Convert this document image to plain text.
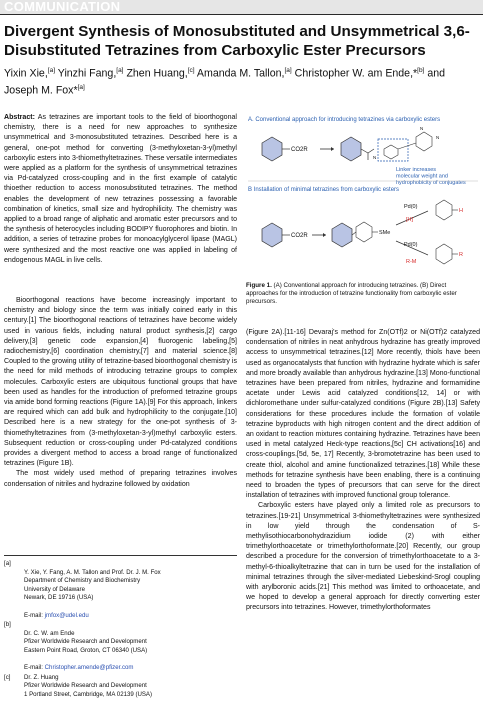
COMMUNICATION
Divergent Synthesis of Monosubstituted and Unsymmetrical 3,6-Disubstituted Tetrazines from Carboxylic Ester Precursors
Yixin Xie,[a] Yinzhi Fang,[a] Zhen Huang,[c] Amanda M. Tallon,[a] Christopher W. am Ende,*[b] and Joseph M. Fox*[a]
Abstract: As tetrazines are important tools to the field of bioorthogonal chemistry, there is a need for new approaches to synthesize unsymmetrical and 3-monosubstituted tetrazines. Described here is a general, one-pot method for converting (3-methyloxetan-3-yl)methyl carboxylic esters into 3-thiomethyltetrazines. These versatile intermediates were applied as a platform for the synthesis of unsymmetrical tetrazines via Pd-catalyzed cross-coupling and in the first example of catalytic thioether reduction to access monosubstituted tetrazines. The method enables the development of new tetrazines possessing a favorable combination of kinetics, small size and hydrophilicity. The chemistry was applied to a broad range of aliphatic and aromatic ester precursors and to the synthesis of heterocycles including BODIPY fluorophores and biotin. In addition, a series of tetrazine probes for monoacylglycerol lipase (MAGL) were synthesized and the most reactive one was applied in labeling of endogenous MAGL in live cells.

Bioorthogonal reactions have become increasingly important to chemistry and biology since the term was initially coined early in this century.[1] The bioorthogonal reactions of tetrazines have become widely used in various fields, including natural product synthesis,[2] cargo delivery,[3] genetic code expansion,[4] fluorogenic labeling,[5] radiochemistry,[6] coordination chemistry,[7] and material science.[8] Coupled to the growing utility of tetrazine-based bioorthogonal chemistry is the need for mild methods of introducing tetrazine groups to complex molecules. Carboxylic esters are ubiquitous functional groups that have been used as handles for the introduction of preformed tetrazine groups via amide bond forming reactions (Figure 1A).[9] For this approach, linkers are required which can add bulk and hydrophilicity to the conjugate.[10] Described here is a new strategy for the one-pot synthesis of 3-thiomethyltetrazines from (3-methyloxetan-3-yl)methyl carboxylic esters. Subsequent reduction or cross-coupling under Pd-catalyzed conditions provides a divergent method to access a broad range of functionalized tetrazines (Figure 1B).

The most widely used method of preparing tetrazines involves condensation of nitriles and hydrazine followed by oxidation

[a]

Y. Xie, Y. Fang, A. M. Tallon and Prof. Dr. J. M. Fox
Department of Chemistry and Biochemistry
University of Delaware
Newark, DE 19716 (USA)

E-mail: jmfox@udel.edu

[b]

Dr. C. W. am Ende
Pfizer Worldwide Research and Development
Eastern Point Road, Groton, CT 06340 (USA)

E-mail: Christopher.amende@pfizer.com

[c]	Dr. Z. Huang
Pfizer Worldwide Research and Development
1 Portland Street, Cambridge, MA 02139 (USA)
A. Conventional approach for introducing tetrazines via carboxylic esters
CO2R
N
N
N
Linker increases molecular weight and hydrophobicity of conjugates
B Installation of minimal tetrazines from carboxylic esters
CO2R	SMe
Pd(0)
[H]
Pd(0)
R-M
H
R
Figure 1. (A) Conventional approach for introducing tetrazines. (B) Direct approaches for the introduction of tetrazine functionality from carboxylic ester precursors.

(Figure 2A).[11-16] Devaraj's method for Zn(OTf)2 or Ni(OTf)2 catalyzed condensation of nitriles in neat anhydrous hydrazine has greatly improved access to unsymmetrical tetrazines.[12] More recently, thiols have been used as organocatalysts that function with hydrazine hydrate which is safer and more broadly available than anhydrous hydrazine.[13] Mono-functional tetrazines have been prepared from nitriles, hydrazine and formamidine acetate under Lewis acid catalyzed conditions[12, 14] or with dichloromethane under sulfur-catalyzed conditions (Figure 2B).[13] Safety considerations for these procedures include the formation of volatile tetrazine byproducts with high nitrogen content and the direct addition of an oxidant to reaction mixtures containing hydrazine. Tetrazines have been used in metal catalyzed Heck-type reactions,[5c] CH activations[16] and cross-couplings.[5d, 5e, 17] Recently, 3-bromotetrazine has been used to create thiol, alcohol and amine functionalized tetrazines.[18] While these methods for tetrazine synthesis have been enabling, there is a continuing need to broaden the types of precursors that can serve for the direct installation of tetrazines with improved functional group tolerance.

Carboxylic esters have played only a limited role as precursors to tetrazines.[19-21] Unsymmetrical 3-thiomethyltetrazines were synthesized in low yield through the condensation of S-methylisothiocarbonohydrazidium iodide (2) with either trimethylorthoacetate or trimethylorthoformate.[20] Recently, our group described a procedure for the conversion of trimethylorthoacetate to a 3-methyl-6-thioalkyltetrazine that can in turn be used for the installation of minimal tetrazines through the silver-mediated Liebeskind-Srogl coupling with arylboronic acids.[21] This method was limited to orthoacetate, and we hoped to develop a general approach for directly converting ester precursors into tetrazines. However, trimethylorthoformates
